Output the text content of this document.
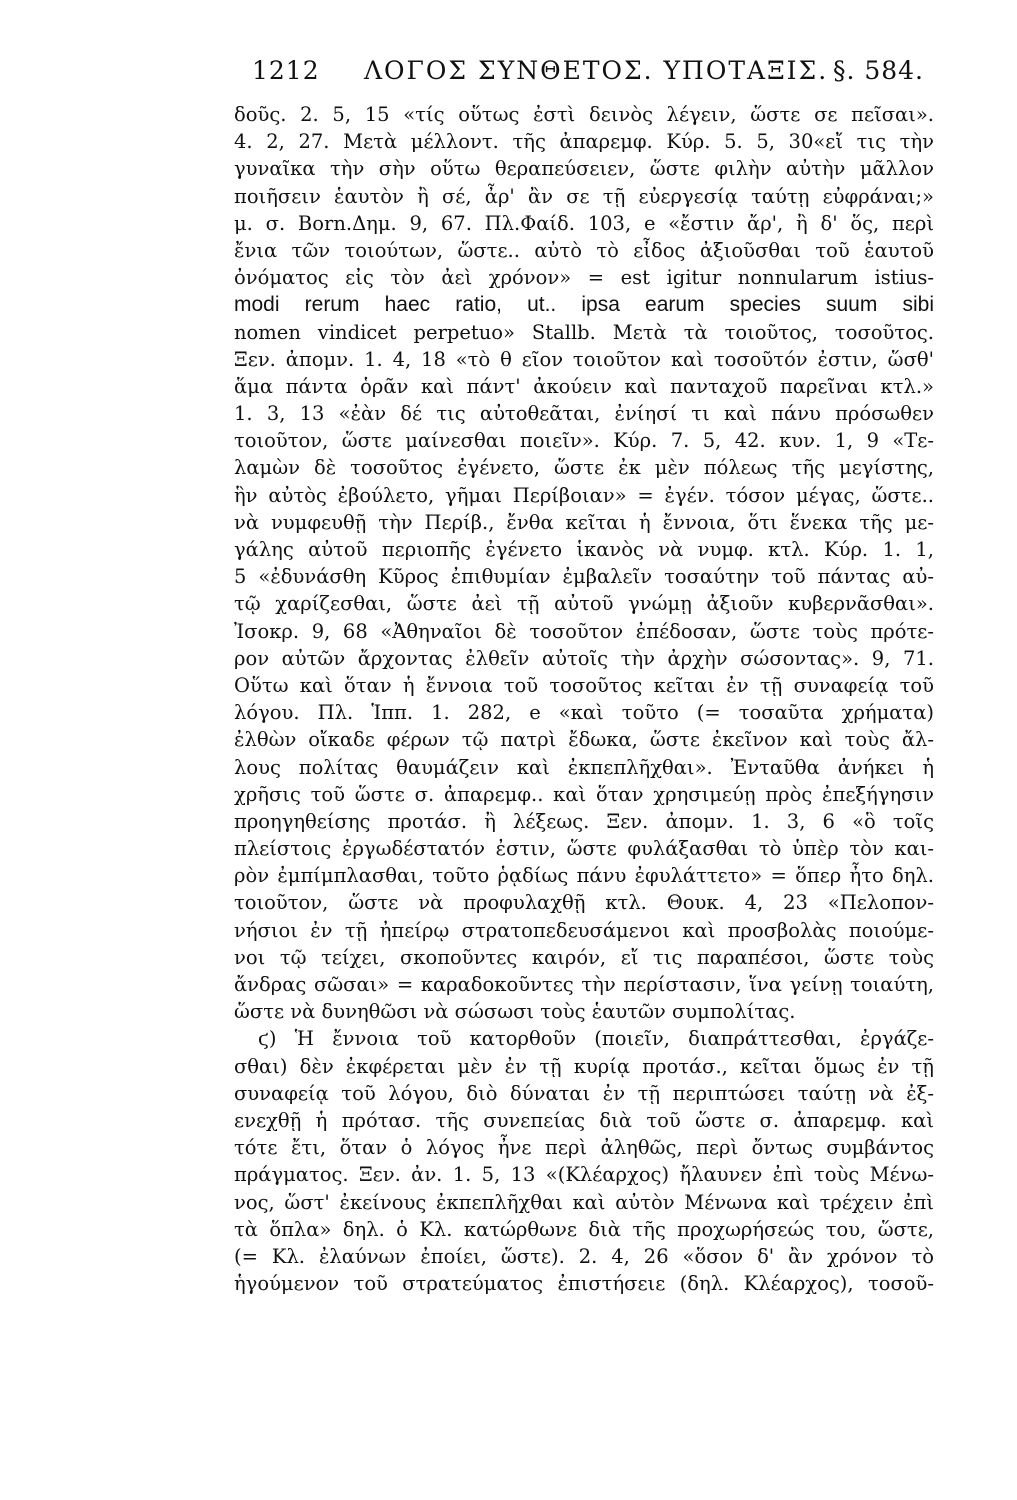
1212 ΛΟΓΟΣ ΣΥΝΘΕΤΟΣ. ΥΠΟΤΑΞΙΣ. §. 584.
δοῦς. 2. 5, 15 «τίς οὕτως ἐστὶ δεινὸς λέγειν, ὥστε σε πεῖσαι».
4. 2, 27. Μετὰ μέλλοντ. τῆς ἀπαρεμφ. Κύρ. 5. 5, 30«εἴ τις τὴν
γυναῖκα τὴν σὴν οὕτω θεραπεύσειεν, ὥστε φιλὴν αὐτὴν μᾶλλον
ποιῆσειν ἑαυτὸν ἢ σέ, ἆρ' ἂν σε τῇ εὐεργεσίᾳ ταύτῃ εὐφράναι;»
μ. σ. Born.Δημ. 9, 67. Πλ.Φαίδ. 103, e «ἔστιν ἄρ', ἢ δ' ὅς, περὶ
ἔνια τῶν τοιούτων, ὥστε.. αὐτὸ τὸ εἶδος ἀξιοῦσθαι τοῦ ἑαυτοῦ
ὀνόματος εἰς τὸν ἀεὶ χρόνον» = est igitur nonnularum istius-
modi rerum haec ratio, ut.. ipsa earum species suum sibi
nomen vindicet perpetuo» Stallb. Μετὰ τὰ τοιοῦτος, τοσοῦτος.
Ξεν. ἀπομν. 1. 4, 18 «τὸ θ εῖον τοιοῦτον καὶ τοσοῦτόν ἐστιν, ὥσθ'
ἅμα πάντα ὁρᾶν καὶ πάντ' ἀκούειν καὶ πανταχοῦ παρεῖναι κτλ.»
1. 3, 13 «ἐὰν δέ τις αὐτοθεᾶται, ἐνίησί τι καὶ πάνυ πρόσωθεν
τοιοῦτον, ὥστε μαίνεσθαι ποιεῖν». Κύρ. 7. 5, 42. κυν. 1, 9 «Τε-
λαμὼν δὲ τοσοῦτος ἐγένετο, ὥστε ἐκ μὲν πόλεως τῆς μεγίστης,
ἣν αὐτὸς ἐβούλετο, γῆμαι Περίβοιαν» = ἐγέν. τόσον μέγας, ὥστε..
νὰ νυμφευθῇ τὴν Περίβ., ἔνθα κεῖται ἡ ἔννοια, ὅτι ἕνεκα τῆς με-
γάλης αὐτοῦ περιοπῆς ἐγένετο ἱκανὸς νὰ νυμφ. κτλ. Κύρ. 1. 1,
5 «ἐδυνάσθη Κῦρος ἐπιθυμίαν ἐμβαλεῖν τοσαύτην τοῦ πάντας αὐ-
τῷ χαρίζεσθαι, ὥστε ἀεὶ τῇ αὐτοῦ γνώμῃ ἀξιοῦν κυβερνᾶσθαι».
Ἰσοκρ. 9, 68 «Ἀθηναῖοι δὲ τοσοῦτον ἐπέδοσαν, ὥστε τοὺς πρότε-
ρον αὐτῶν ἄρχοντας ἐλθεῖν αὐτοῖς τὴν ἀρχὴν σώσοντας». 9, 71.
Οὕτω καὶ ὅταν ἡ ἔννοια τοῦ τοσοῦτος κεῖται ἐν τῇ συναφείᾳ τοῦ
λόγου. Πλ. Ἱππ. 1. 282, e «καὶ τοῦτο (= τοσαῦτα χρήματα)
ἐλθὼν οἴκαδε φέρων τῷ πατρὶ ἔδωκα, ὥστε ἐκεῖνον καὶ τοὺς ἄλ-
λους πολίτας θαυμάζειν καὶ ἐκπεπλῆχθαι». Ἐνταῦθα ἀνήκει ἡ
χρῆσις τοῦ ὥστε σ. ἀπαρεμφ.. καὶ ὅταν χρησιμεύῃ πρὸς ἐπεξήγησιν
προηγηθείσης προτάσ. ἢ λέξεως. Ξεν. ἀπομν. 1. 3, 6 «ὃ τοῖς
πλείστοις ἐργωδέστατόν ἐστιν, ὥστε φυλάξασθαι τὸ ὑπὲρ τὸν και-
ρὸν ἐμπίμπλασθαι, τοῦτο ῥᾳδίως πάνυ ἐφυλάττετο» = ὅπερ ἦτο δηλ.
τοιοῦτον, ὥστε νὰ προφυλαχθῇ κτλ. Θουκ. 4, 23 «Πελοπον-
νήσιοι ἐν τῇ ἠπείρῳ στρατοπεδευσάμενοι καὶ προσβολὰς ποιούμε-
νοι τῷ τείχει, σκοποῦντες καιρόν, εἴ τις παραπέσοι, ὥστε τοὺς
ἄνδρας σῶσαι» = καραδοκοῦντες τὴν περίστασιν, ἵνα γείνῃ τοιαύτη,
ὥστε νὰ δυνηθῶσι νὰ σώσωσι τοὺς ἑαυτῶν συμπολίτας.
ϛ) Ἡ ἔννοια τοῦ κατορθοῦν (ποιεῖν, διαπράττεσθαι, ἐργάζε-
σθαι) δὲν ἐκφέρεται μὲν ἐν τῇ κυρίᾳ προτάσ., κεῖται ὅμως ἐν τῇ
συναφείᾳ τοῦ λόγου, διὸ δύναται ἐν τῇ περιπτώσει ταύτῃ νὰ ἐξ-
ενεχθῇ ἡ πρότασ. τῆς συνεπείας διὰ τοῦ ὥστε σ. ἀπαρεμφ. καὶ
τότε ἔτι, ὅταν ὁ λόγος ἦνε περὶ ἀληθῶς, περὶ ὄντως συμβάντος
πράγματος. Ξεν. ἀν. 1. 5, 13 «(Κλέαρχος) ἤλαυνεν ἐπὶ τοὺς Μένω-
νος, ὥστ' ἐκείνους ἐκπεπλῆχθαι καὶ αὐτὸν Μένωνα καὶ τρέχειν ἐπὶ
τὰ ὅπλα» δηλ. ὁ Κλ. κατώρθωνε διὰ τῆς προχωρήσεώς του, ὥστε,
(= Κλ. ἐλαύνων ἐποίει, ὥστε). 2. 4, 26 «ὅσον δ' ἂν χρόνον τὸ
ἡγούμενον τοῦ στρατεύματος ἐπιστήσειε (δηλ. Κλέαρχος), τοσοῦ-
